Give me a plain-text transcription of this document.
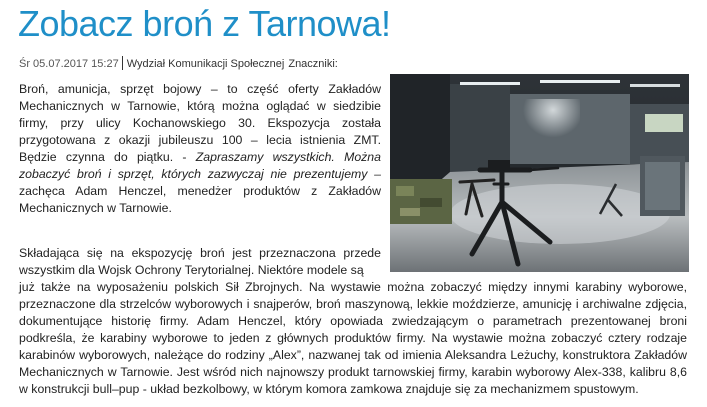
Zobacz broń z Tarnowa!
Śr 05.07.2017 15:27 Wydział Komunikacji Społecznej Znaczniki:

Broń, amunicja, sprzęt bojowy – to część oferty Zakładów Mechanicznych w Tarnowie, którą można oglądać w siedzibie firmy, przy ulicy Kochanowskiego 30. Ekspozycja została przygotowana z okazji jubileuszu 100 – lecia istnienia ZMT. Będzie czynna do piątku. - Zapraszamy wszystkich. Można zobaczyć broń i sprzęt, których zazwyczaj nie prezentujemy – zachęca Adam Henczel, menedżer produktów z Zakładów Mechanicznych w Tarnowie.

Składająca się na ekspozycję broń jest przeznaczona przede wszystkim dla Wojsk Ochrony Terytorialnej. Niektóre modele są
już także na wyposażeniu polskich Sił Zbrojnych. Na wystawie można zobaczyć między innymi karabiny wyborowe, przeznaczone dla strzelców wyborowych i snajperów, broń maszynową, lekkie moździerze, amunicję i archiwalne zdjęcia, dokumentujące historię firmy. Adam Henczel, który opowiada zwiedzającym o parametrach prezentowanej broni podkreśla, że karabiny wyborowe to jeden z głównych produktów firmy. Na wystawie można zobaczyć cztery rodzaje karabinów wyborowych, należące do rodziny „Alex”, nazwanej tak od imienia Aleksandra Leżuchy, konstruktora Zakładów Mechanicznych w Tarnowie. Jest wśród nich najnowszy produkt tarnowskiej firmy, karabin wyborowy Alex-338, kalibru 8,6 w konstrukcji bull–pup - układ bezkolbowy, w którym komora zamkowa znajduje się za mechanizmem spustowym.
